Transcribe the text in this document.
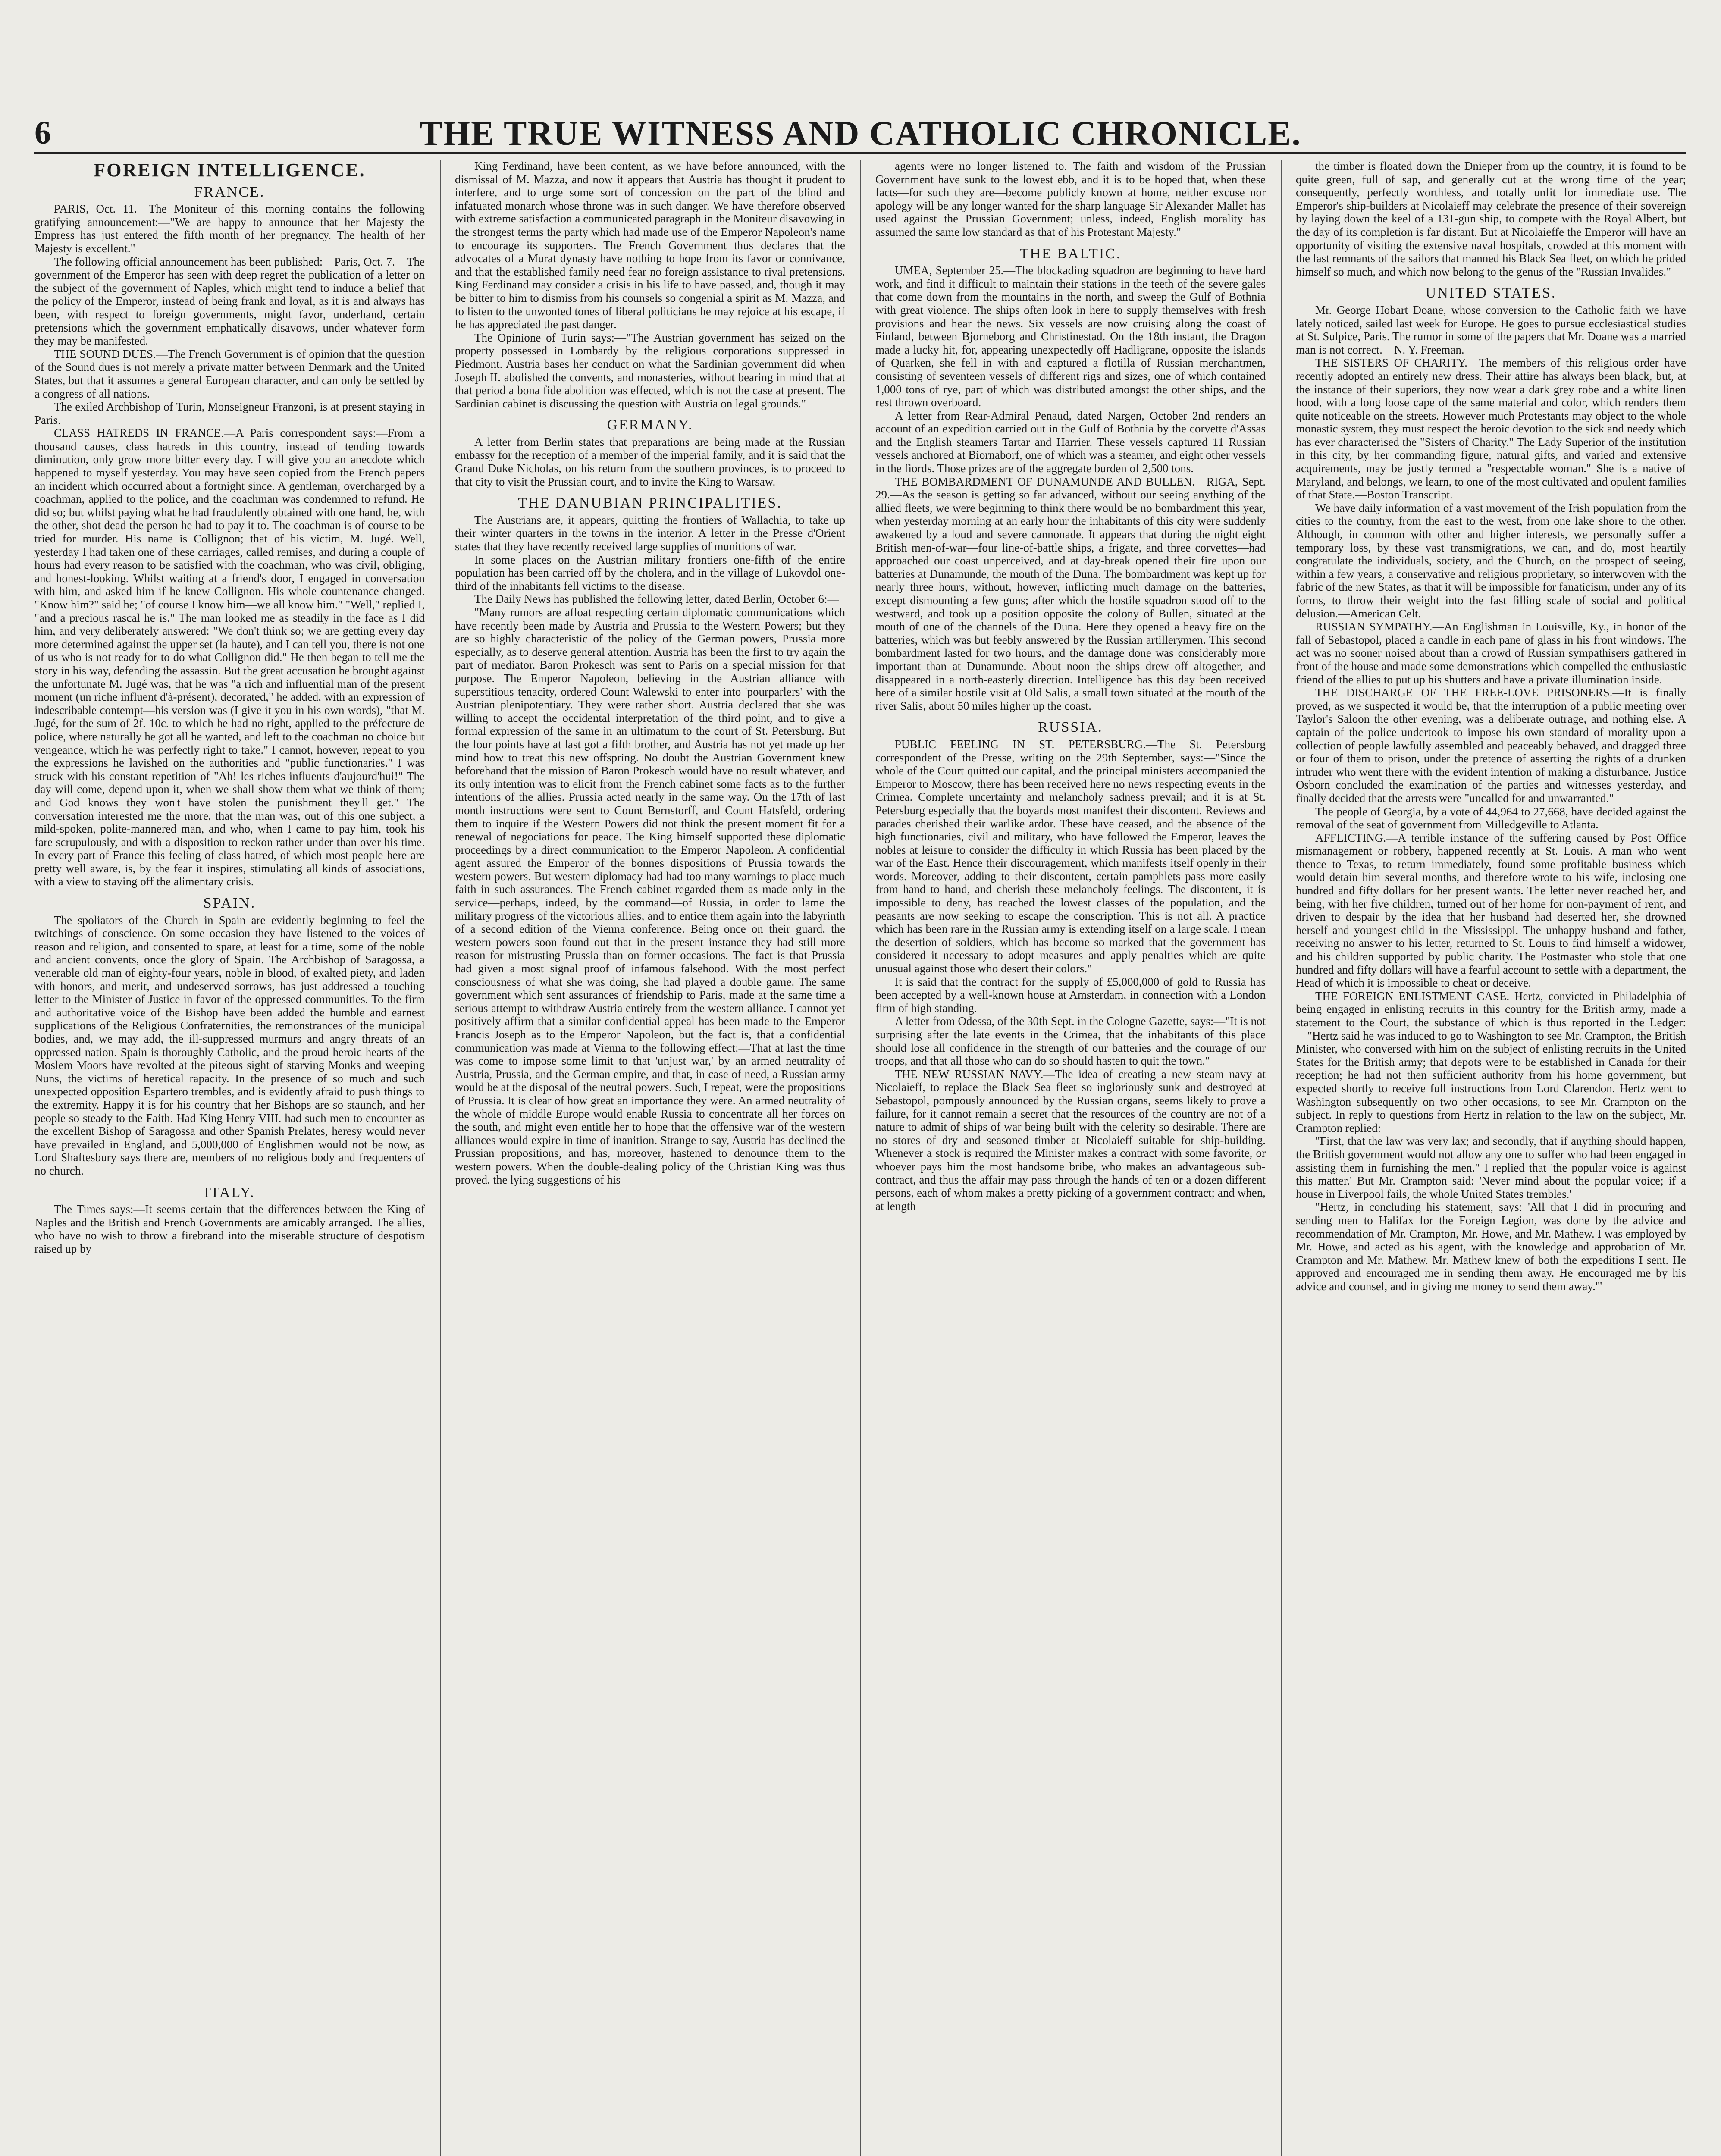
THE TRUE WITNESS AND CATHOLIC CHRONICLE.
6
FOREIGN INTELLIGENCE.
FRANCE.

PARIS, Oct. 11.—The Moniteur of this morning contains the following gratifying announcement:—"We are happy to announce that her Majesty the Empress has just entered the fifth month of her pregnancy. The health of her Majesty is excellent."

The following official announcement has been published:—Paris, Oct. 7.—The government of the Emperor has seen with deep regret the publication of a letter on the subject of the government of Naples, which might tend to induce a belief that the policy of the Emperor, instead of being frank and loyal, as it is and always has been, with respect to foreign governments, might favor, underhand, certain pretensions which the government emphatically disavows, under whatever form they may be manifested.

THE SOUND DUES.—The French Government is of opinion that the question of the Sound dues is not merely a private matter between Denmark and the United States, but that it assumes a general European character, and can only be settled by a congress of all nations.

The exiled Archbishop of Turin, Monseigneur Franzoni, is at present staying in Paris.

CLASS HATREDS IN FRANCE.—A Paris correspondent says:—From a thousand causes, class hatreds in this country, instead of tending towards diminution, only grow more bitter every day. I will give you an anecdote which happened to myself yesterday. You may have seen copied from the French papers an incident which occurred about a fortnight since. A gentleman, overcharged by a coachman, applied to the police, and the coachman was condemned to refund. He did so; but whilst paying what he had fraudulently obtained with one hand, he, with the other, shot dead the person he had to pay it to. The coachman is of course to be tried for murder. His name is Collignon; that of his victim, M. Jugé. Well, yesterday I had taken one of these carriages, called remises, and during a couple of hours had every reason to be satisfied with the coachman, who was civil, obliging, and honest-looking. Whilst waiting at a friend's door, I engaged in conversation with him, and asked him if he knew Collignon. His whole countenance changed. "Know him?" said he; "of course I know him—we all know him." "Well," replied I, "and a precious rascal he is." The man looked me as steadily in the face as I did him, and very deliberately answered: "We don't think so; we are getting every day more determined against the upper set (la haute), and I can tell you, there is not one of us who is not ready for to do what Collignon did." He then began to tell me the story in his way, defending the assassin. But the great accusation he brought against the unfortunate M. Jugé was, that he was "a rich and influential man of the present moment (un riche influent d'à-présent), decorated," he added, with an expression of indescribable contempt—his version was (I give it you in his own words), "that M. Jugé, for the sum of 2f. 10c. to which he had no right, applied to the préfecture de police, where naturally he got all he wanted, and left to the coachman no choice but vengeance, which he was perfectly right to take." I cannot, however, repeat to you the expressions he lavished on the authorities and "public functionaries." I was struck with his constant repetition of "Ah! les riches influents d'aujourd'hui!" The day will come, depend upon it, when we shall show them what we think of them; and God knows they won't have stolen the punishment they'll get." The conversation interested me the more, that the man was, out of this one subject, a mild-spoken, polite-mannered man, and who, when I came to pay him, took his fare scrupulously, and with a disposition to reckon rather under than over his time. In every part of France this feeling of class hatred, of which most people here are pretty well aware, is, by the fear it inspires, stimulating all kinds of associations, with a view to staving off the alimentary crisis.

SPAIN.

The spoliators of the Church in Spain are evidently beginning to feel the twitchings of conscience. On some occasion they have listened to the voices of reason and religion, and consented to spare, at least for a time, some of the noble and ancient convents, once the glory of Spain. The Archbishop of Saragossa, a venerable old man of eighty-four years, noble in blood, of exalted piety, and laden with honors, and merit, and undeserved sorrows, has just addressed a touching letter to the Minister of Justice in favor of the oppressed communities. To the firm and authoritative voice of the Bishop have been added the humble and earnest supplications of the Religious Confraternities, the remonstrances of the municipal bodies, and, we may add, the ill-suppressed murmurs and angry threats of an oppressed nation. Spain is thoroughly Catholic, and the proud heroic hearts of the Moslem Moors have revolted at the piteous sight of starving Monks and weeping Nuns, the victims of heretical rapacity. In the presence of so much and such unexpected opposition Espartero trembles, and is evidently afraid to push things to the extremity. Happy it is for his country that her Bishops are so staunch, and her people so steady to the Faith. Had King Henry VIII. had such men to encounter as the excellent Bishop of Saragossa and other Spanish Prelates, heresy would never have prevailed in England, and 5,000,000 of Englishmen would not be now, as Lord Shaftesbury says there are, members of no religious body and frequenters of no church.

ITALY.

The Times says:—It seems certain that the differences between the King of Naples and the British and French Governments are amicably arranged. The allies, who have no wish to throw a firebrand into the miserable structure of despotism raised up by

King Ferdinand, have been content, as we have before announced, with the dismissal of M. Mazza, and now it appears that Austria has thought it prudent to interfere, and to urge some sort of concession on the part of the blind and infatuated monarch whose throne was in such danger. We have therefore observed with extreme satisfaction a communicated paragraph in the Moniteur disavowing in the strongest terms the party which had made use of the Emperor Napoleon's name to encourage its supporters. The French Government thus declares that the advocates of a Murat dynasty have nothing to hope from its favor or connivance, and that the established family need fear no foreign assistance to rival pretensions. King Ferdinand may consider a crisis in his life to have passed, and, though it may be bitter to him to dismiss from his counsels so congenial a spirit as M. Mazza, and to listen to the unwonted tones of liberal politicians he may rejoice at his escape, if he has appreciated the past danger.

The Opinione of Turin says:—"The Austrian government has seized on the property possessed in Lombardy by the religious corporations suppressed in Piedmont. Austria bases her conduct on what the Sardinian government did when Joseph II. abolished the convents, and monasteries, without bearing in mind that at that period a bona fide abolition was effected, which is not the case at present. The Sardinian cabinet is discussing the question with Austria on legal grounds."

GERMANY.

A letter from Berlin states that preparations are being made at the Russian embassy for the reception of a member of the imperial family, and it is said that the Grand Duke Nicholas, on his return from the southern provinces, is to proceed to that city to visit the Prussian court, and to invite the King to Warsaw.

THE DANUBIAN PRINCIPALITIES.

The Austrians are, it appears, quitting the frontiers of Wallachia, to take up their winter quarters in the towns in the interior. A letter in the Presse d'Orient states that they have recently received large supplies of munitions of war.

In some places on the Austrian military frontiers one-fifth of the entire population has been carried off by the cholera, and in the village of Lukovdol one-third of the inhabitants fell victims to the disease.

The Daily News has published the following letter, dated Berlin, October 6:—

"Many rumors are afloat respecting certain diplomatic communications which have recently been made by Austria and Prussia to the Western Powers; but they are so highly characteristic of the policy of the German powers, Prussia more especially, as to deserve general attention. Austria has been the first to try again the part of mediator. Baron Prokesch was sent to Paris on a special mission for that purpose. The Emperor Napoleon, believing in the Austrian alliance with superstitious tenacity, ordered Count Walewski to enter into 'pourparlers' with the Austrian plenipotentiary. They were rather short. Austria declared that she was willing to accept the occidental interpretation of the third point, and to give a formal expression of the same in an ultimatum to the court of St. Petersburg. But the four points have at last got a fifth brother, and Austria has not yet made up her mind how to treat this new offspring. No doubt the Austrian Government knew beforehand that the mission of Baron Prokesch would have no result whatever, and its only intention was to elicit from the French cabinet some facts as to the further intentions of the allies. Prussia acted nearly in the same way. On the 17th of last month instructions were sent to Count Bernstorff, and Count Hatsfeld, ordering them to inquire if the Western Powers did not think the present moment fit for a renewal of negociations for peace. The King himself supported these diplomatic proceedings by a direct communication to the Emperor Napoleon. A confidential agent assured the Emperor of the bonnes dispositions of Prussia towards the western powers. But western diplomacy had had too many warnings to place much faith in such assurances. The French cabinet regarded them as made only in the service—perhaps, indeed, by the command—of Russia, in order to lame the military progress of the victorious allies, and to entice them again into the labyrinth of a second edition of the Vienna conference. Being once on their guard, the western powers soon found out that in the present instance they had still more reason for mistrusting Prussia than on former occasions. The fact is that Prussia had given a most signal proof of infamous falsehood. With the most perfect consciousness of what she was doing, she had played a double game. The same government which sent assurances of friendship to Paris, made at the same time a serious attempt to withdraw Austria entirely from the western alliance. I cannot yet positively affirm that a similar confidential appeal has been made to the Emperor Francis Joseph as to the Emperor Napoleon, but the fact is, that a confidential communication was made at Vienna to the following effect:—That at last the time was come to impose some limit to that 'unjust war,' by an armed neutrality of Austria, Prussia, and the German empire, and that, in case of need, a Russian army would be at the disposal of the neutral powers. Such, I repeat, were the propositions of Prussia. It is clear of how great an importance they were. An armed neutrality of the whole of middle Europe would enable Russia to concentrate all her forces on the south, and might even entitle her to hope that the offensive war of the western alliances would expire in time of inanition. Strange to say, Austria has declined the Prussian propositions, and has, moreover, hastened to denounce them to the western powers. When the double-dealing policy of the Christian King was thus proved, the lying suggestions of his

agents were no longer listened to. The faith and wisdom of the Prussian Government have sunk to the lowest ebb, and it is to be hoped that, when these facts—for such they are—become publicly known at home, neither excuse nor apology will be any longer wanted for the sharp language Sir Alexander Mallet has used against the Prussian Government; unless, indeed, English morality has assumed the same low standard as that of his Protestant Majesty."

THE BALTIC.

UMEA, September 25.—The blockading squadron are beginning to have hard work, and find it difficult to maintain their stations in the teeth of the severe gales that come down from the mountains in the north, and sweep the Gulf of Bothnia with great violence. The ships often look in here to supply themselves with fresh provisions and hear the news. Six vessels are now cruising along the coast of Finland, between Bjorneborg and Christinestad. On the 18th instant, the Dragon made a lucky hit, for, appearing unexpectedly off Hadligrane, opposite the islands of Quarken, she fell in with and captured a flotilla of Russian merchantmen, consisting of seventeen vessels of different rigs and sizes, one of which contained 1,000 tons of rye, part of which was distributed amongst the other ships, and the rest thrown overboard.

A letter from Rear-Admiral Penaud, dated Nargen, October 2nd renders an account of an expedition carried out in the Gulf of Bothnia by the corvette d'Assas and the English steamers Tartar and Harrier. These vessels captured 11 Russian vessels anchored at Biornaborf, one of which was a steamer, and eight other vessels in the fiords. Those prizes are of the aggregate burden of 2,500 tons.

THE BOMBARDMENT OF DUNAMUNDE AND BULLEN.—RIGA, Sept. 29.—As the season is getting so far advanced, without our seeing anything of the allied fleets, we were beginning to think there would be no bombardment this year, when yesterday morning at an early hour the inhabitants of this city were suddenly awakened by a loud and severe cannonade. It appears that during the night eight British men-of-war—four line-of-battle ships, a frigate, and three corvettes—had approached our coast unperceived, and at day-break opened their fire upon our batteries at Dunamunde, the mouth of the Duna. The bombardment was kept up for nearly three hours, without, however, inflicting much damage on the batteries, except dismounting a few guns; after which the hostile squadron stood off to the westward, and took up a position opposite the colony of Bullen, situated at the mouth of one of the channels of the Duna. Here they opened a heavy fire on the batteries, which was but feebly answered by the Russian artillerymen. This second bombardment lasted for two hours, and the damage done was considerably more important than at Dunamunde. About noon the ships drew off altogether, and disappeared in a north-easterly direction. Intelligence has this day been received here of a similar hostile visit at Old Salis, a small town situated at the mouth of the river Salis, about 50 miles higher up the coast.

RUSSIA.

PUBLIC FEELING IN ST. PETERSBURG.—The St. Petersburg correspondent of the Presse, writing on the 29th September, says:—"Since the whole of the Court quitted our capital, and the principal ministers accompanied the Emperor to Moscow, there has been received here no news respecting events in the Crimea. Complete uncertainty and melancholy sadness prevail; and it is at St. Petersburg especially that the boyards most manifest their discontent. Reviews and parades cherished their warlike ardor. These have ceased, and the absence of the high functionaries, civil and military, who have followed the Emperor, leaves the nobles at leisure to consider the difficulty in which Russia has been placed by the war of the East. Hence their discouragement, which manifests itself openly in their words. Moreover, adding to their discontent, certain pamphlets pass more easily from hand to hand, and cherish these melancholy feelings. The discontent, it is impossible to deny, has reached the lowest classes of the population, and the peasants are now seeking to escape the conscription. This is not all. A practice which has been rare in the Russian army is extending itself on a large scale. I mean the desertion of soldiers, which has become so marked that the government has considered it necessary to adopt measures and apply penalties which are quite unusual against those who desert their colors."

It is said that the contract for the supply of £5,000,000 of gold to Russia has been accepted by a well-known house at Amsterdam, in connection with a London firm of high standing.

A letter from Odessa, of the 30th Sept. in the Cologne Gazette, says:—"It is not surprising after the late events in the Crimea, that the inhabitants of this place should lose all confidence in the strength of our batteries and the courage of our troops, and that all those who can do so should hasten to quit the town."

THE NEW RUSSIAN NAVY.—The idea of creating a new steam navy at Nicolaieff, to replace the Black Sea fleet so ingloriously sunk and destroyed at Sebastopol, pompously announced by the Russian organs, seems likely to prove a failure, for it cannot remain a secret that the resources of the country are not of a nature to admit of ships of war being built with the celerity so desirable. There are no stores of dry and seasoned timber at Nicolaieff suitable for ship-building. Whenever a stock is required the Minister makes a contract with some favorite, or whoever pays him the most handsome bribe, who makes an advantageous sub-contract, and thus the affair may pass through the hands of ten or a dozen different persons, each of whom makes a pretty picking of a government contract; and when, at length

the timber is floated down the Dnieper from up the country, it is found to be quite green, full of sap, and generally cut at the wrong time of the year; consequently, perfectly worthless, and totally unfit for immediate use. The Emperor's ship-builders at Nicolaieff may celebrate the presence of their sovereign by laying down the keel of a 131-gun ship, to compete with the Royal Albert, but the day of its completion is far distant. But at Nicolaieffe the Emperor will have an opportunity of visiting the extensive naval hospitals, crowded at this moment with the last remnants of the sailors that manned his Black Sea fleet, on which he prided himself so much, and which now belong to the genus of the "Russian Invalides."

UNITED STATES.

Mr. George Hobart Doane, whose conversion to the Catholic faith we have lately noticed, sailed last week for Europe. He goes to pursue ecclesiastical studies at St. Sulpice, Paris. The rumor in some of the papers that Mr. Doane was a married man is not correct.—N. Y. Freeman.

THE SISTERS OF CHARITY.—The members of this religious order have recently adopted an entirely new dress. Their attire has always been black, but, at the instance of their superiors, they now wear a dark grey robe and a white linen hood, with a long loose cape of the same material and color, which renders them quite noticeable on the streets. However much Protestants may object to the whole monastic system, they must respect the heroic devotion to the sick and needy which has ever characterised the "Sisters of Charity." The Lady Superior of the institution in this city, by her commanding figure, natural gifts, and varied and extensive acquirements, may be justly termed a "respectable woman." She is a native of Maryland, and belongs, we learn, to one of the most cultivated and opulent families of that State.—Boston Transcript.

We have daily information of a vast movement of the Irish population from the cities to the country, from the east to the west, from one lake shore to the other. Although, in common with other and higher interests, we personally suffer a temporary loss, by these vast transmigrations, we can, and do, most heartily congratulate the individuals, society, and the Church, on the prospect of seeing, within a few years, a conservative and religious proprietary, so interwoven with the fabric of the new States, as that it will be impossible for fanaticism, under any of its forms, to throw their weight into the fast filling scale of social and political delusion.—American Celt.

RUSSIAN SYMPATHY.—An Englishman in Louisville, Ky., in honor of the fall of Sebastopol, placed a candle in each pane of glass in his front windows. The act was no sooner noised about than a crowd of Russian sympathisers gathered in front of the house and made some demonstrations which compelled the enthusiastic friend of the allies to put up his shutters and have a private illumination inside.

THE DISCHARGE OF THE FREE-LOVE PRISONERS.—It is finally proved, as we suspected it would be, that the interruption of a public meeting over Taylor's Saloon the other evening, was a deliberate outrage, and nothing else. A captain of the police undertook to impose his own standard of morality upon a collection of people lawfully assembled and peaceably behaved, and dragged three or four of them to prison, under the pretence of asserting the rights of a drunken intruder who went there with the evident intention of making a disturbance. Justice Osborn concluded the examination of the parties and witnesses yesterday, and finally decided that the arrests were "uncalled for and unwarranted."

The people of Georgia, by a vote of 44,964 to 27,668, have decided against the removal of the seat of government from Milledgeville to Atlanta.

AFFLICTING.—A terrible instance of the suffering caused by Post Office mismanagement or robbery, happened recently at St. Louis. A man who went thence to Texas, to return immediately, found some profitable business which would detain him several months, and therefore wrote to his wife, inclosing one hundred and fifty dollars for her present wants. The letter never reached her, and being, with her five children, turned out of her home for non-payment of rent, and driven to despair by the idea that her husband had deserted her, she drowned herself and youngest child in the Mississippi. The unhappy husband and father, receiving no answer to his letter, returned to St. Louis to find himself a widower, and his children supported by public charity. The Postmaster who stole that one hundred and fifty dollars will have a fearful account to settle with a department, the Head of which it is impossible to cheat or deceive.

THE FOREIGN ENLISTMENT CASE. Hertz, convicted in Philadelphia of being engaged in enlisting recruits in this country for the British army, made a statement to the Court, the substance of which is thus reported in the Ledger:—"Hertz said he was induced to go to Washington to see Mr. Crampton, the British Minister, who conversed with him on the subject of enlisting recruits in the United States for the British army; that depots were to be established in Canada for their reception; he had not then sufficient authority from his home government, but expected shortly to receive full instructions from Lord Clarendon. Hertz went to Washington subsequently on two other occasions, to see Mr. Crampton on the subject. In reply to questions from Hertz in relation to the law on the subject, Mr. Crampton replied:

"First, that the law was very lax; and secondly, that if anything should happen, the British government would not allow any one to suffer who had been engaged in assisting them in furnishing the men." I replied that 'the popular voice is against this matter.' But Mr. Crampton said: 'Never mind about the popular voice; if a house in Liverpool fails, the whole United States trembles.'

"Hertz, in concluding his statement, says: 'All that I did in procuring and sending men to Halifax for the Foreign Legion, was done by the advice and recommendation of Mr. Crampton, Mr. Howe, and Mr. Mathew. I was employed by Mr. Howe, and acted as his agent, with the knowledge and approbation of Mr. Crampton and Mr. Mathew. Mr. Mathew knew of both the expeditions I sent. He approved and encouraged me in sending them away. He encouraged me by his advice and counsel, and in giving me money to send them away.'"
